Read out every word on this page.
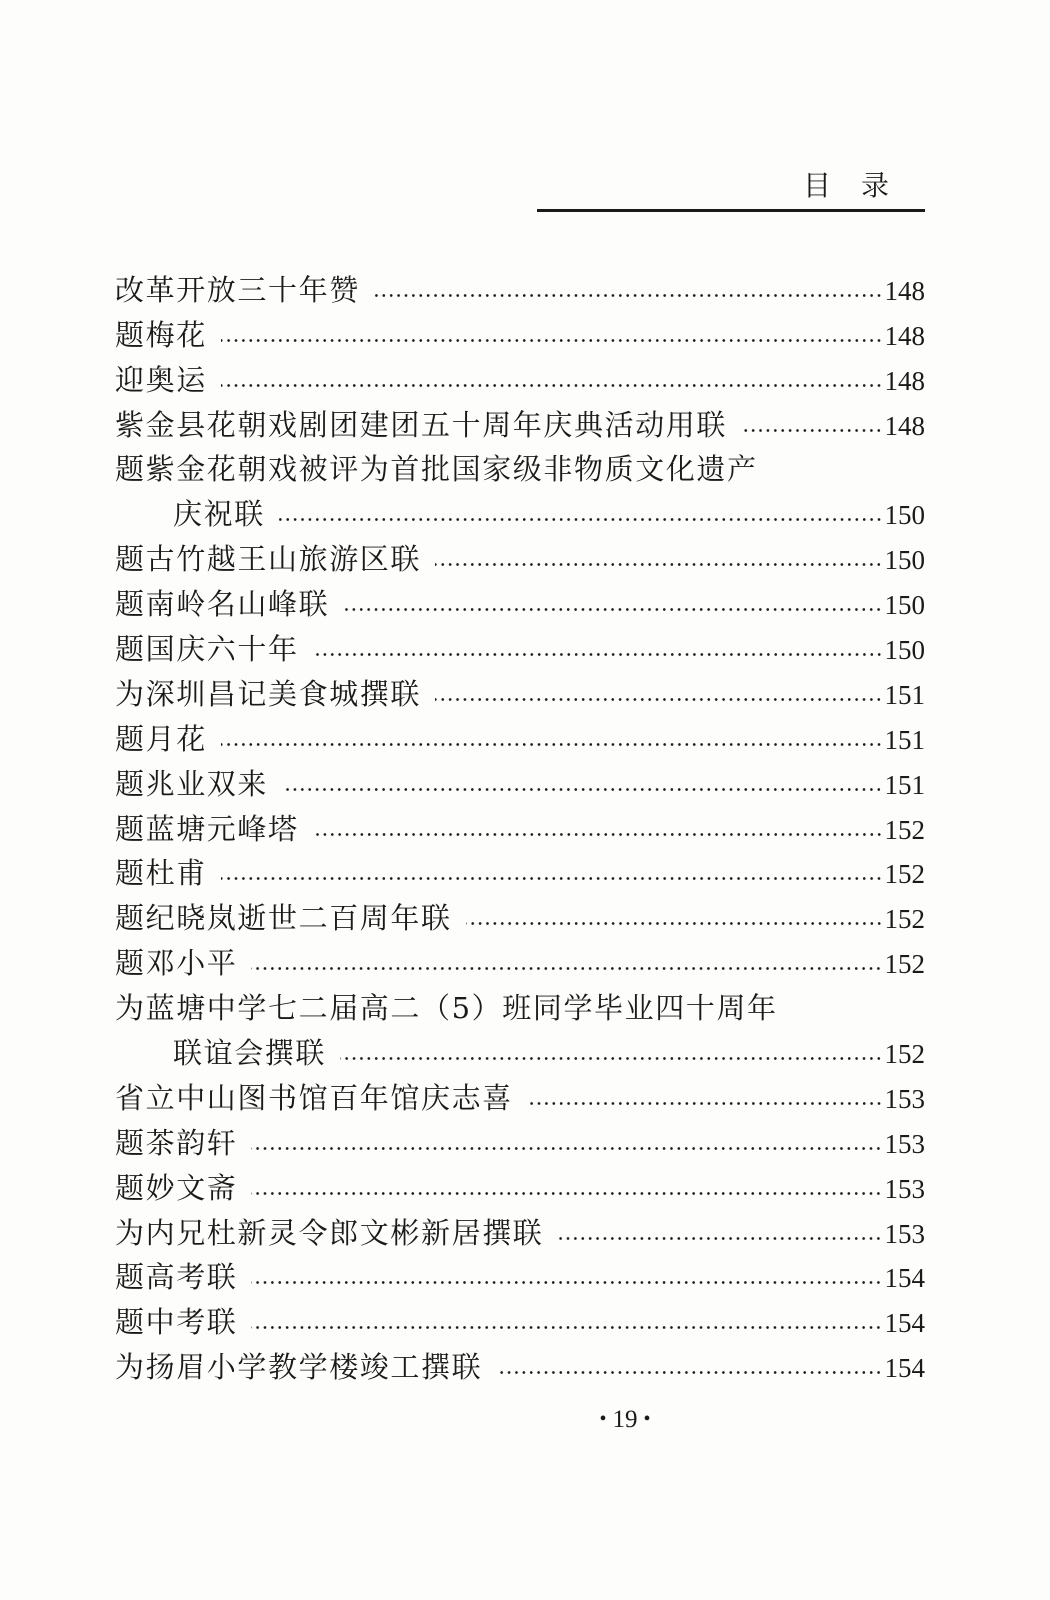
目录
改革开放三十年赞	148
题梅花	148
迎奥运	148
紫金县花朝戏剧团建团五十周年庆典活动用联	148
题紫金花朝戏被评为首批国家级非物质文化遗产
庆祝联	150
题古竹越王山旅游区联	150
题南岭名山峰联	150
题国庆六十年	150
为深圳昌记美食城撰联	151
题月花	151
题兆业双来	151
题蓝塘元峰塔	152
题杜甫	152
题纪晓岚逝世二百周年联	152
题邓小平	152
为蓝塘中学七二届高二（5）班同学毕业四十周年
联谊会撰联	152
省立中山图书馆百年馆庆志喜	153
题茶韵轩	153
题妙文斋	153
为内兄杜新灵令郎文彬新居撰联	153
题高考联	154
题中考联	154
为扬眉小学教学楼竣工撰联	154
• 19 •
